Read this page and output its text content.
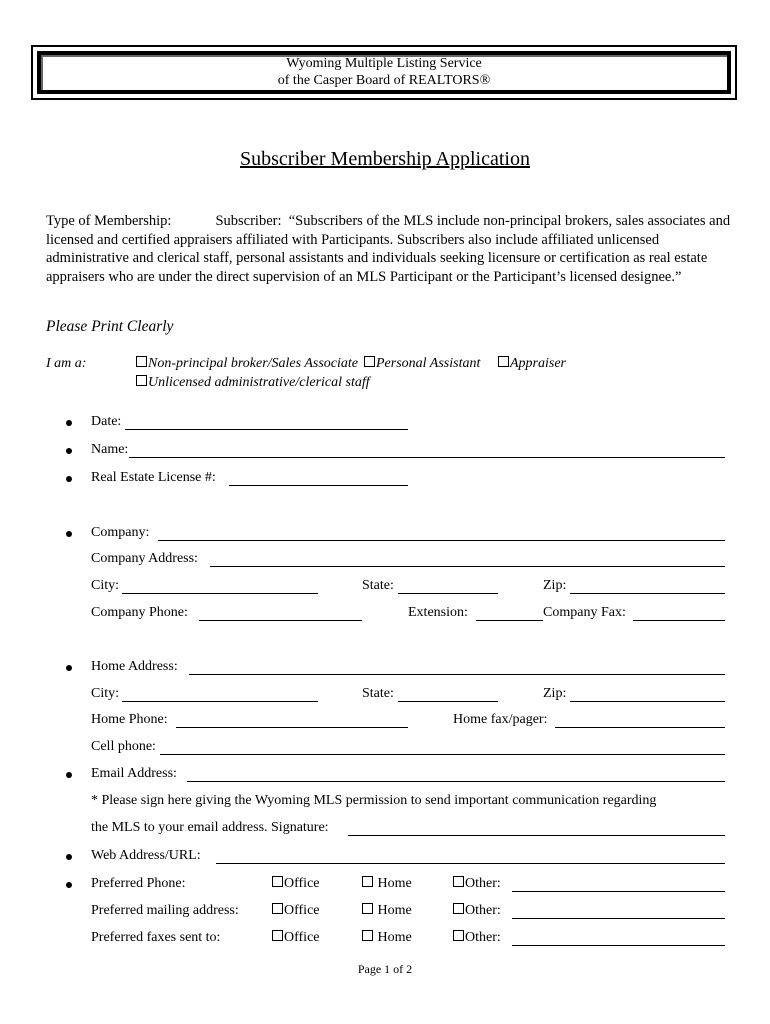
Wyoming Multiple Listing Service
of the Casper Board of REALTORS®
Subscriber Membership Application
Type of Membership:	Subscriber: “Subscribers of the MLS include non-principal brokers, sales associates and licensed and certified appraisers affiliated with Participants. Subscribers also include affiliated unlicensed administrative and clerical staff, personal assistants and individuals seeking licensure or certification as real estate appraisers who are under the direct supervision of an MLS Participant or the Participant’s licensed designee.”
Please Print Clearly
I am a:	Non-principal broker/Sales Associate	Personal Assistant	Appraiser
Unlicensed administrative/clerical staff
Date:
Name:
Real Estate License #:
Company:
Company Address:
City:	State:	Zip:
Company Phone:	Extension:	Company Fax:
Home Address:
City:	State:	Zip:
Home Phone:	Home fax/pager:
Cell phone:
Email Address:
* Please sign here giving the Wyoming MLS permission to send important communication regarding
the MLS to your email address. Signature:
Web Address/URL:
Preferred Phone:	Office	Home	Other:
Preferred mailing address:	Office	Home	Other:
Preferred faxes sent to:	Office	Home	Other:
Page 1 of 2
